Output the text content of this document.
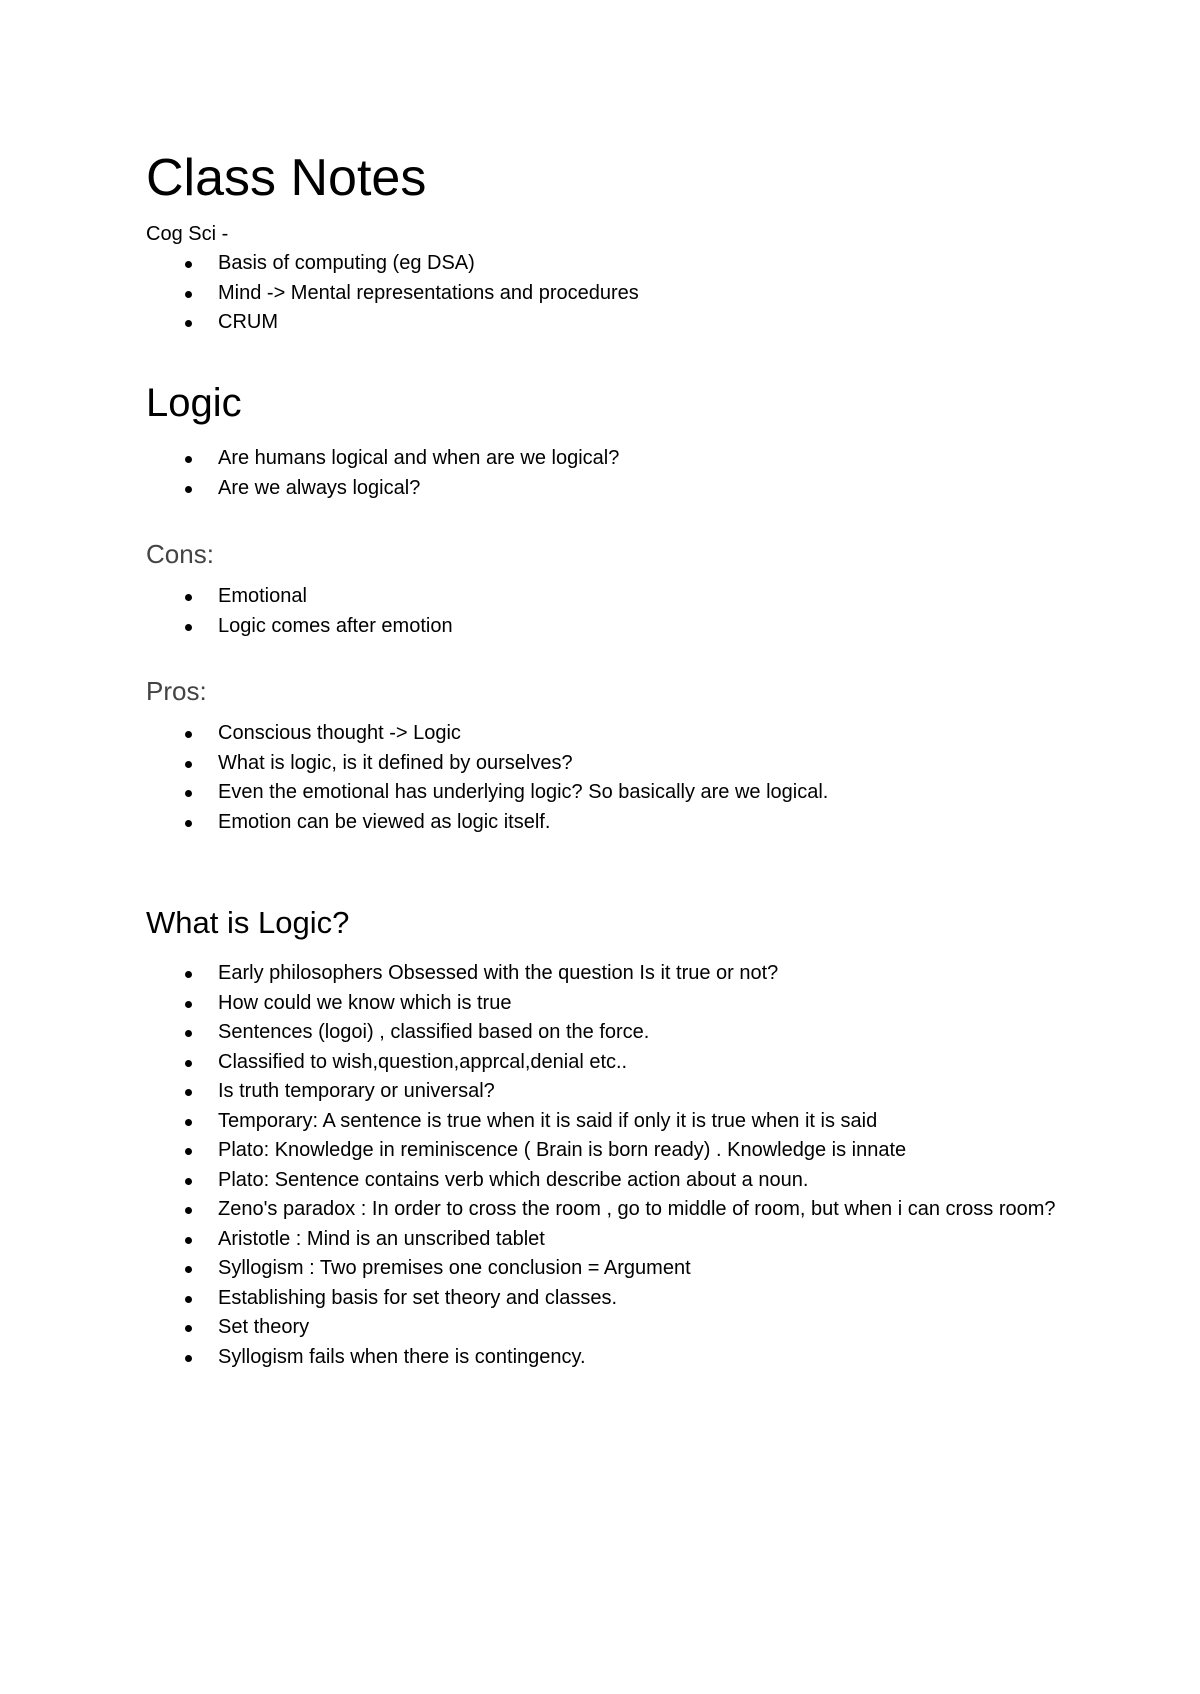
Class Notes

Cog Sci -

Basis of computing (eg DSA)
Mind -> Mental representations and procedures
CRUM
Logic
Are humans logical and when are we logical?
Are we always logical?
Cons:
Emotional
Logic comes after emotion
Pros:
Conscious thought -> Logic
What is logic, is it defined by ourselves?
Even the emotional has underlying logic? So basically are we logical.
Emotion can be viewed as logic itself.
What is Logic?
Early philosophers Obsessed with the question Is it true or not?
How could we know which is true
Sentences (logoi) , classified based on the force.
Classified to wish,question,apprcal,denial etc..
Is truth temporary or universal?
Temporary: A sentence is true when it is said if only it is true when it is said
Plato: Knowledge in reminiscence ( Brain is born ready) . Knowledge is innate
Plato: Sentence contains verb which describe action about a noun.
Zeno's paradox : In order to cross the room , go to middle of room, but when i can cross room?
Aristotle : Mind is an unscribed tablet
Syllogism : Two premises one conclusion = Argument
Establishing basis for set theory and classes.
Set theory
Syllogism fails when there is contingency.
